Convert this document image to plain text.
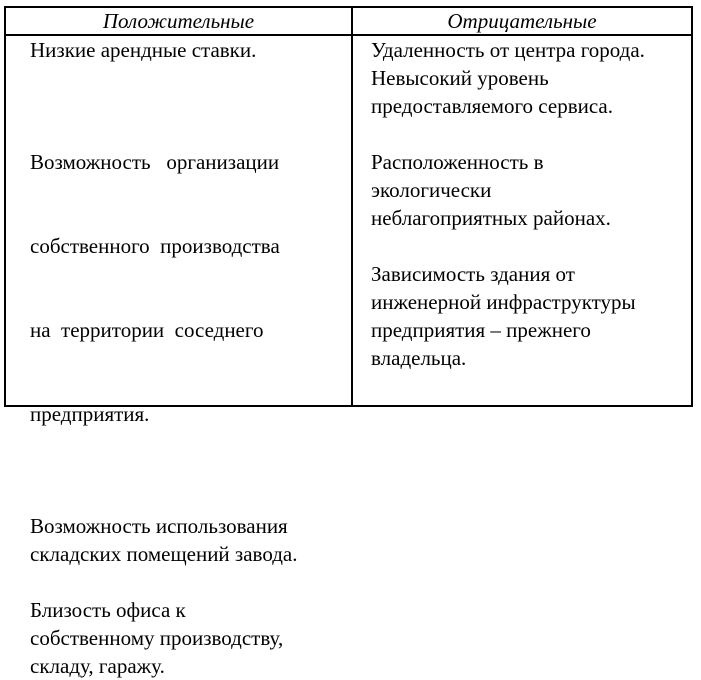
Положительные	Отрицательные
Низкие арендные ставки.

Возможность   организации

собственного  производства

на  территории  соседнего

предприятия.

Возможность использования
складских помещений завода.
Близость офиса к
собственному производству,
складу, гаражу.
Удаленность от центра города.
Невысокий уровень
предоставляемого сервиса.
Расположенность в
экологически
неблагоприятных районах.
Зависимость здания от
инженерной инфраструктуры
предприятия – прежнего
владельца.
